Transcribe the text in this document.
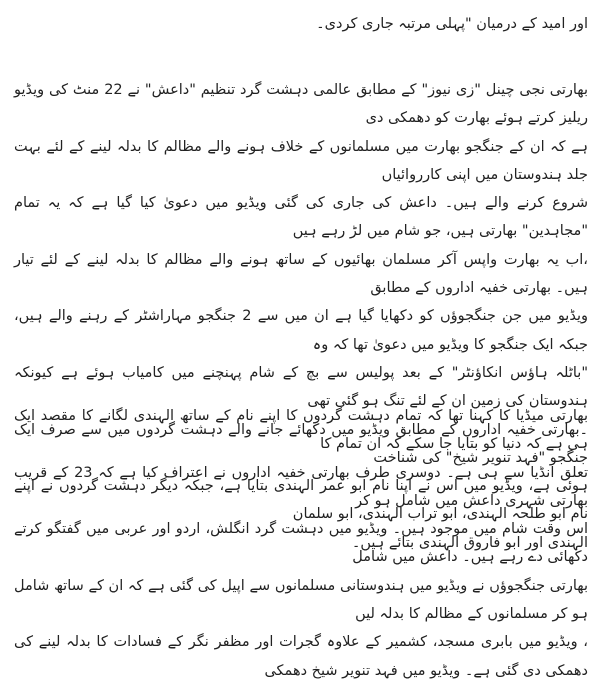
اور امید کے درمیان "پہلی مرتبہ جاری کردی۔
بھارتی نجی چینل "زی نیوز" کے مطابق عالمی دہشت گرد تنظیم "داعش" نے 22 منٹ کی ویڈیو ریلیز کرتے ہوئے بھارت کو دھمکی دی
ہے کہ ان کے جنگجو بھارت میں مسلمانوں کے خلاف ہونے والے مظالم کا بدلہ لینے کے لئے بہت جلد ہندوستان میں اپنی کارروائیاں
شروع کرنے والے ہیں۔ داعش کی جاری کی گئی ویڈیو میں دعویٰ کیا گیا ہے کہ یہ تمام "مجاہدین" بھارتی ہیں، جو شام میں لڑ رہے ہیں
،اب یہ بھارت واپس آکر مسلمان بھائیوں کے ساتھ ہونے والے مظالم کا بدلہ لینے کے لئے تیار ہیں۔ بھارتی خفیہ اداروں کے مطابق
ویڈیو میں جن جنگجوؤں کو دکھایا گیا ہے ان میں سے 2 جنگجو مہاراشٹر کے رہنے والے ہیں، جبکہ ایک جنگجو کا ویڈیو میں دعویٰ تھا کہ وہ
"باٹلہ ہاؤس انکاؤنٹر" کے بعد پولیس سے بچ کے شام پہنچنے میں کامیاب ہوئے ہے کیونکہ ہندوستان کی زمین ان کے لئے تنگ ہو گئی تھی
۔بھارتی خفیہ اداروں کے مطابق ویڈیو میں دکھائے جانے والے دہشت گردوں میں سے صرف ایک جنگجو "فہد تنویر شیخ" کی شناخت
ہوئی ہے، ویڈیو میں اس نے اپنا نام ابو عمر الہندی بتایا ہے، جبکہ دیگر دہشت گردوں نے اپنے نام ابو طلحہ الہندی، ابو تراب الہندی، ابو سلمان
الہندی اور ابو فاروق الہندی بتائے ہیں۔
بھارتی میڈیا کا کہنا تھا کہ تمام دہشت گردوں کا اپنے نام کے ساتھ الہندی لگانے کا مقصد ایک ہی ہے کہ دنیا کو بتایا جا سکے کہ ان تمام کا
تعلق انڈیا سے ہی ہے۔ دوسری طرف بھارتی خفیہ اداروں نے اعتراف کیا ہے کہ 23 کے قریب بھارتی شہری داعش میں شامل ہو کر
اس وقت شام میں موجود ہیں۔ ویڈیو میں دہشت گرد انگلش، اردو اور عربی میں گفتگو کرتے دکھائی دے رہے ہیں۔ داعش میں شامل
بھارتی جنگجوؤں نے ویڈیو میں ہندوستانی مسلمانوں سے اپیل کی گئی ہے کہ ان کے ساتھ شامل ہو کر مسلمانوں کے مظالم کا بدلہ لیں
، ویڈیو میں بابری مسجد، کشمیر کے علاوہ گجرات اور مظفر نگر کے فسادات کا بدلہ لینے کی دھمکی دی گئی ہے۔ ویڈیو میں فہد تنویر شیخ دھمکی
